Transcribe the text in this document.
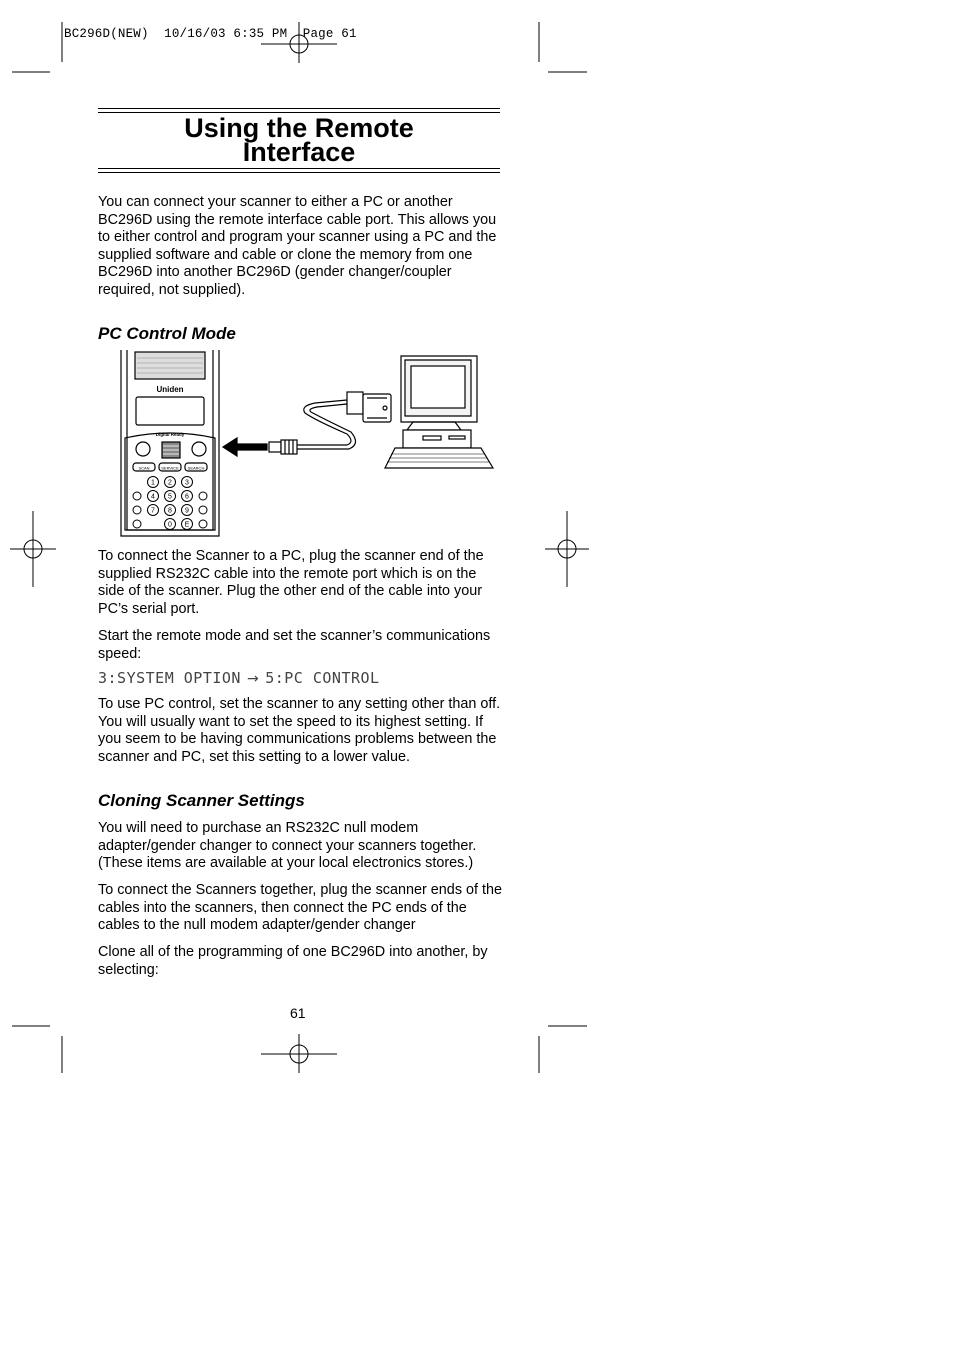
BC296D(NEW)  10/16/03 6:35 PM  Page 61
Using the Remote
Interface
You can connect your scanner to either a PC or another BC296D using the remote interface cable port. This allows you to either control and program your scanner using a PC and the supplied software and cable or clone the memory from one BC296D into another BC296D (gender changer/coupler required, not supplied).
PC Control Mode
Uniden
Digital Ready
SCAN	SERVICE SEARCH
1 2 3
4 5 6
7 8 9
0 E
To connect the Scanner to a PC, plug the scanner end of the supplied RS232C cable into the remote port which is on the side of the scanner. Plug the other end of the cable into your PC’s serial port.
Start the remote mode and set the scanner’s communications speed:
3:SYSTEM OPTION → 5:PC CONTROL
To use PC control, set the scanner to any setting other than off. You will usually want to set the speed to its highest setting. If you seem to be having communications problems between the scanner and PC, set this setting to a lower value.
Cloning Scanner Settings
You will need to purchase an RS232C null modem adapter/gender changer to connect your scanners together. (These items are available at your local electronics stores.)
To connect the Scanners together, plug the scanner ends of the cables into the scanners, then connect the PC ends of the cables to the null modem adapter/gender changer
Clone all of the programming of one BC296D into another, by selecting:
61
